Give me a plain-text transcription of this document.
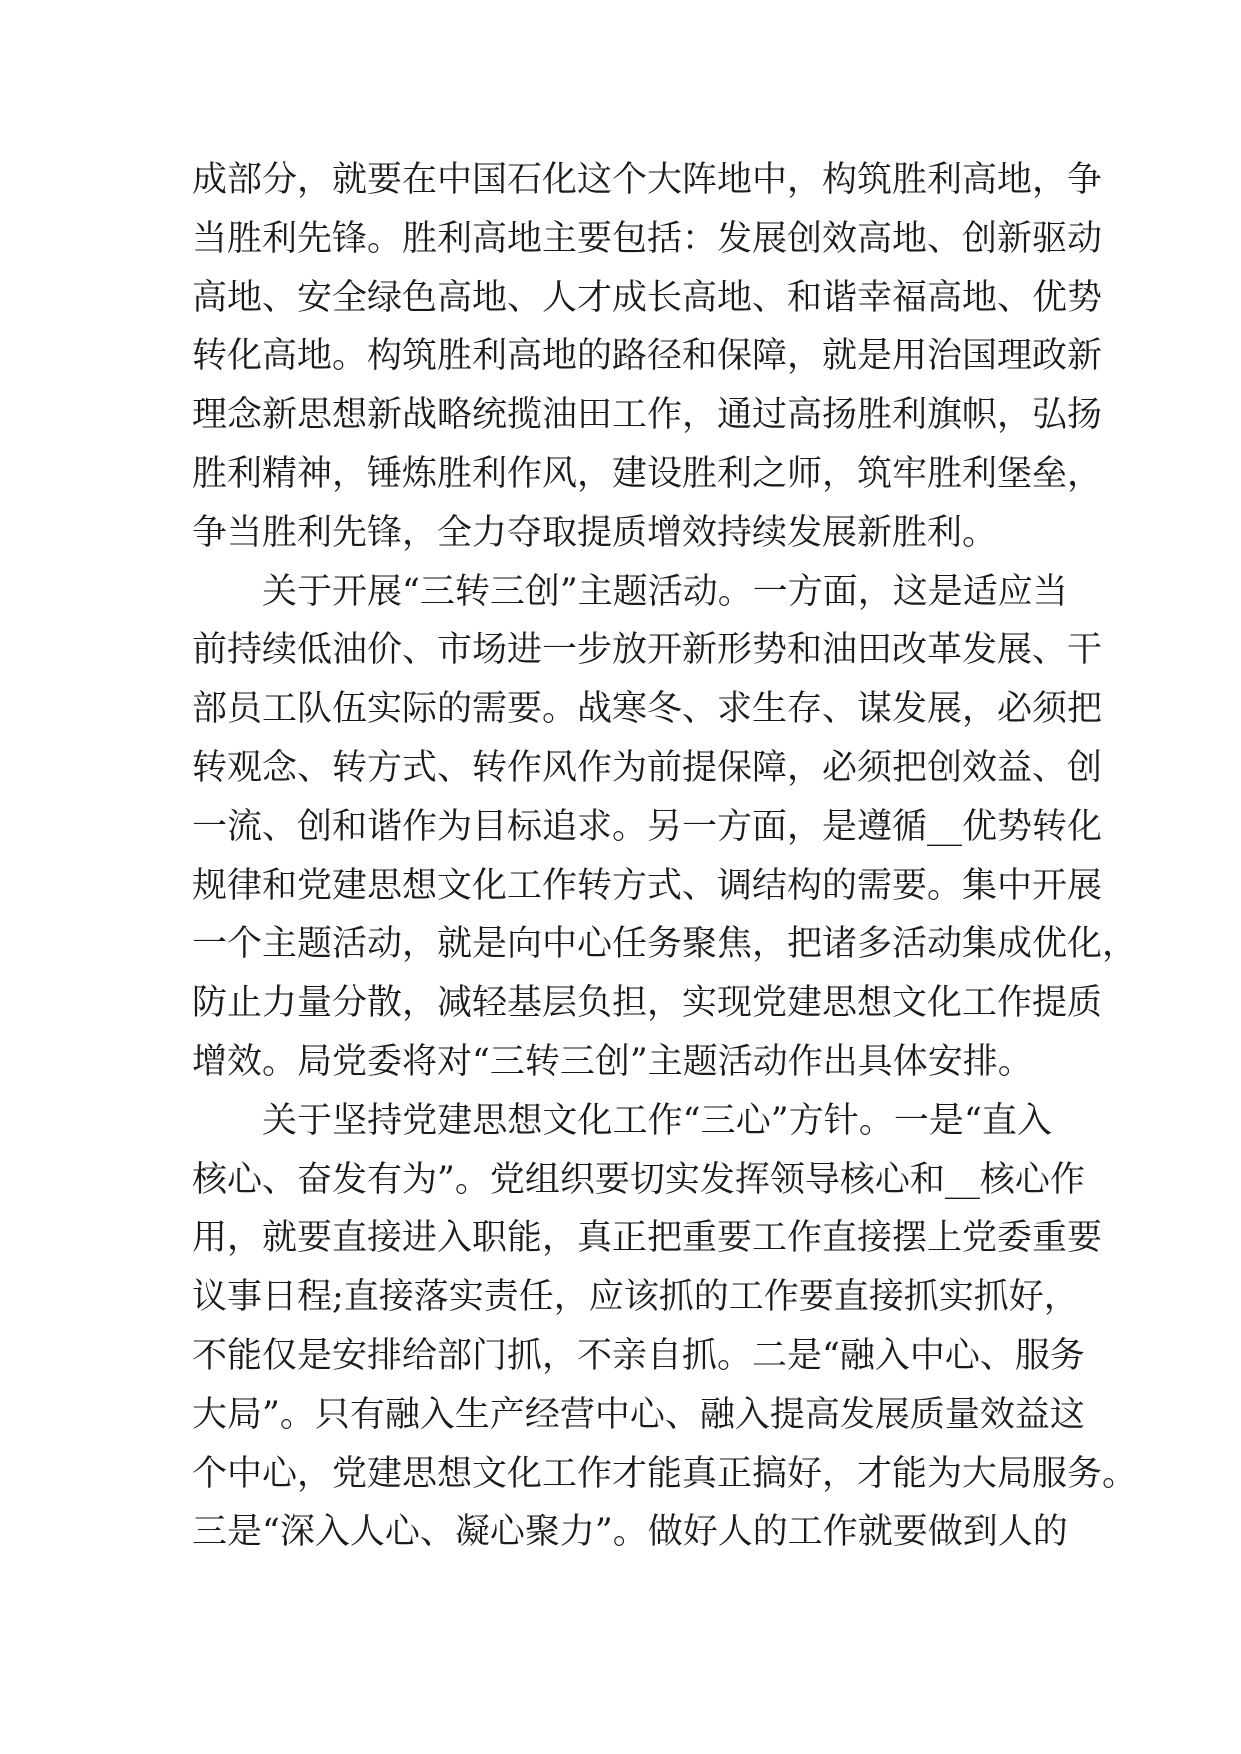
成部分，就要在中国石化这个大阵地中，构筑胜利高地，争
当胜利先锋。胜利高地主要包括：发展创效高地、创新驱动
高地、安全绿色高地、人才成长高地、和谐幸福高地、优势
转化高地。构筑胜利高地的路径和保障，就是用治国理政新
理念新思想新战略统揽油田工作，通过高扬胜利旗帜，弘扬
胜利精神，锤炼胜利作风，建设胜利之师，筑牢胜利堡垒，
争当胜利先锋，全力夺取提质增效持续发展新胜利。
关于开展“三转三创”主题活动。一方面，这是适应当
前持续低油价、市场进一步放开新形势和油田改革发展、干
部员工队伍实际的需要。战寒冬、求生存、谋发展，必须把
转观念、转方式、转作风作为前提保障，必须把创效益、创
一流、创和谐作为目标追求。另一方面，是遵循__优势转化
规律和党建思想文化工作转方式、调结构的需要。集中开展
一个主题活动，就是向中心任务聚焦，把诸多活动集成优化，
防止力量分散，减轻基层负担，实现党建思想文化工作提质
增效。局党委将对“三转三创”主题活动作出具体安排。
关于坚持党建思想文化工作“三心”方针。一是“直入
核心、奋发有为”。党组织要切实发挥领导核心和__核心作
用，就要直接进入职能，真正把重要工作直接摆上党委重要
议事日程;直接落实责任，应该抓的工作要直接抓实抓好，
不能仅是安排给部门抓，不亲自抓。二是“融入中心、服务
大局”。只有融入生产经营中心、融入提高发展质量效益这
个中心，党建思想文化工作才能真正搞好，才能为大局服务。
三是“深入人心、凝心聚力”。做好人的工作就要做到人的
